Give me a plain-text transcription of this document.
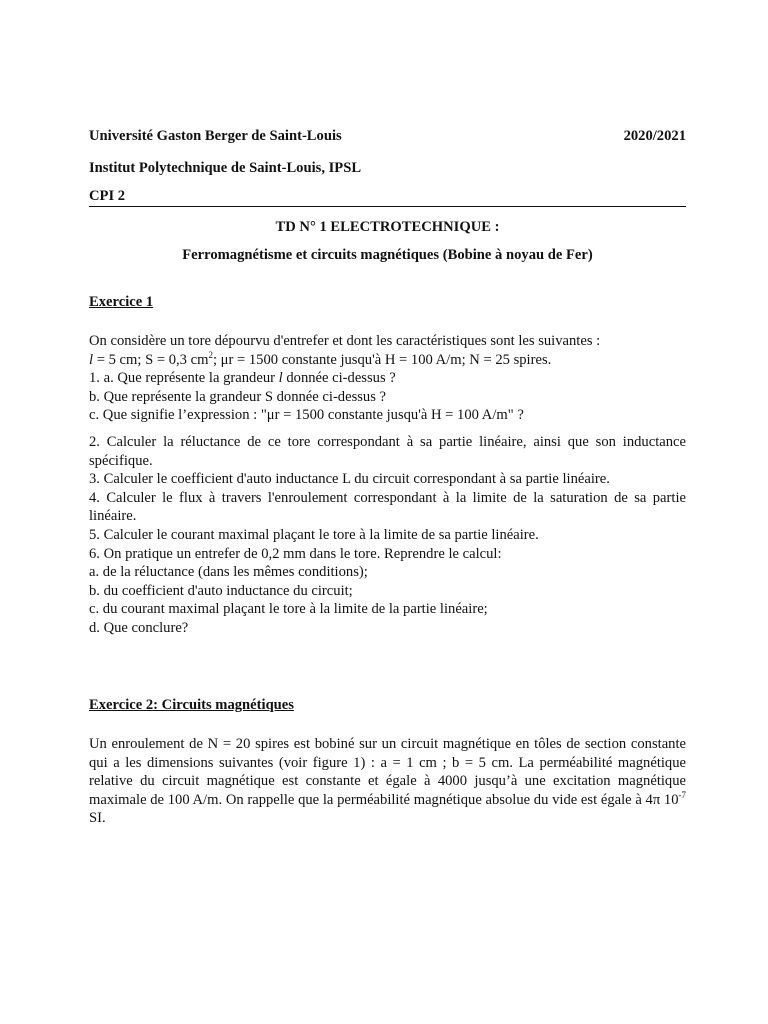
Université Gaston Berger de Saint-Louis	2020/2021
Institut Polytechnique de Saint-Louis, IPSL
CPI 2
TD N° 1 ELECTROTECHNIQUE :
Ferromagnétisme et circuits magnétiques (Bobine à noyau de Fer)
Exercice 1

On considère un tore dépourvu d'entrefer et dont les caractéristiques sont les suivantes :

l = 5 cm; S = 0,3 $cm^2$; μr = 1500 constante jusqu'à H = 100 A/m; N = 25 spires.

1. a. Que représente la grandeur l donnée ci-dessus ?

b. Que représente la grandeur S donnée ci-dessus ?

c. Que signifie l’expression : "μr = 1500 constante jusqu'à H = 100 A/m" ?

2. Calculer la réluctance de ce tore correspondant à sa partie linéaire, ainsi que son inductance spécifique.

3. Calculer le coefficient d'auto inductance L du circuit correspondant à sa partie linéaire.

4. Calculer le flux à travers l'enroulement correspondant à la limite de la saturation de sa partie linéaire.

5. Calculer le courant maximal plaçant le tore à la limite de sa partie linéaire.

6. On pratique un entrefer de 0,2 mm dans le tore. Reprendre le calcul:

a. de la réluctance (dans les mêmes conditions);

b. du coefficient d'auto inductance du circuit;

c. du courant maximal plaçant le tore à la limite de la partie linéaire;

d. Que conclure?

Exercice 2: Circuits magnétiques

Un enroulement de N = 20 spires est bobiné sur un circuit magnétique en tôles de section constante qui a les dimensions suivantes (voir figure 1) : a = 1 cm ; b = 5 cm. La perméabilité magnétique relative du circuit magnétique est constante et égale à 4000 jusqu’à une excitation magnétique maximale de 100 A/m. On rappelle que la perméabilité magnétique absolue du vide est égale à 4π $10^{-7}$ SI.
